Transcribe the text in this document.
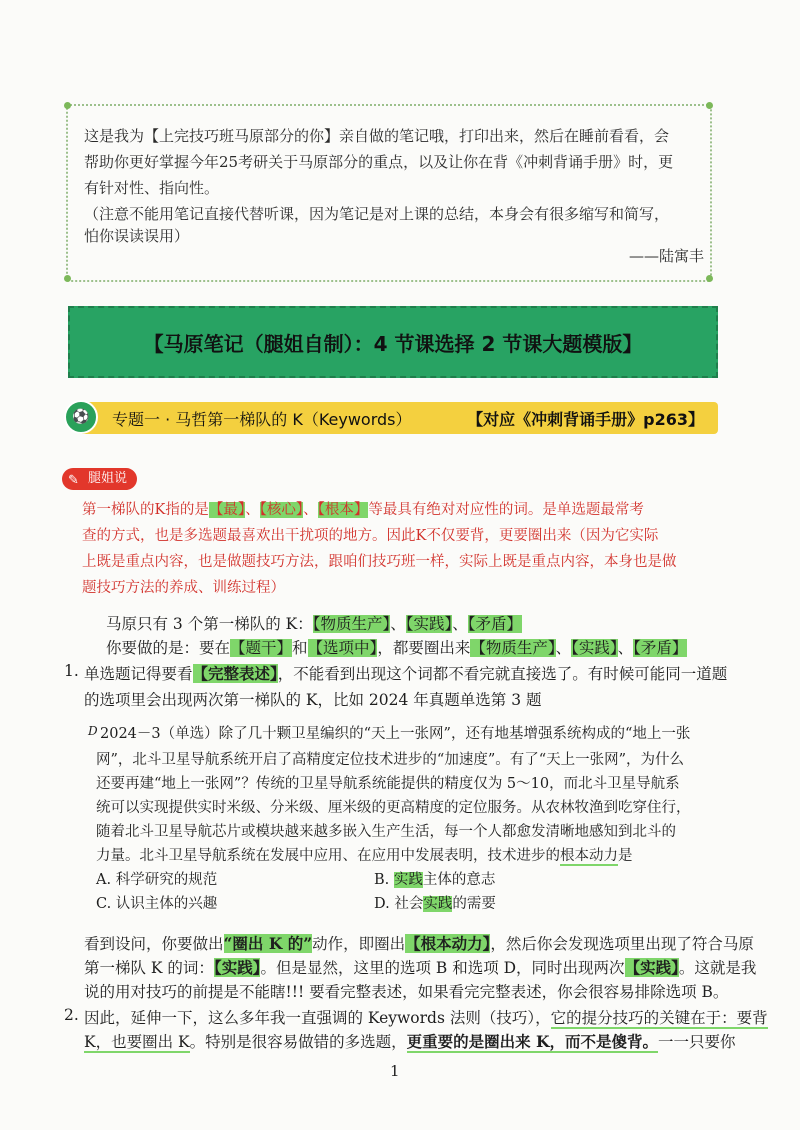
这是我为【上完技巧班马原部分的你】亲自做的笔记哦，打印出来，然后在睡前看看，会
帮助你更好掌握今年25考研关于马原部分的重点，以及让你在背《冲刺背诵手册》时，更
有针对性、指向性。
（注意不能用笔记直接代替听课，因为笔记是对上课的总结，本身会有很多缩写和简写，
怕你误读误用）
——陆寓丰
【马原笔记（腿姐自制）：4 节课选择 2 节课大题模版】
⚽	专题一 · 马哲第一梯队的 K（Keywords）	【对应《冲刺背诵手册》p263】
✎ 腿姐说
第一梯队的K指的是【最】、【核心】、【根本】等最具有绝对对应性的词。是单选题最常考
查的方式，也是多选题最喜欢出干扰项的地方。因此K不仅要背，更要圈出来（因为它实际
上既是重点内容，也是做题技巧方法，跟咱们技巧班一样，实际上既是重点内容，本身也是做
题技巧方法的养成、训练过程）
马原只有 3 个第一梯队的 K：【物质生产】、【实践】、【矛盾】
你要做的是：要在【题干】和【选项中】，都要圈出来【物质生产】、【实践】、【矛盾】
1. 单选题记得要看【完整表述】，不能看到出现这个词都不看完就直接选了。有时候可能同一道题
的选项里会出现两次第一梯队的 K，比如 2024 年真题单选第 3 题
D 2024－3（单选）除了几十颗卫星编织的“天上一张网”，还有地基增强系统构成的“地上一张
网”，北斗卫星导航系统开启了高精度定位技术进步的“加速度”。有了“天上一张网”，为什么
还要再建“地上一张网”？传统的卫星导航系统能提供的精度仅为 5～10，而北斗卫星导航系
统可以实现提供实时米级、分米级、厘米级的更高精度的定位服务。从农林牧渔到吃穿住行，
随着北斗卫星导航芯片或模块越来越多嵌入生产生活，每一个人都愈发清晰地感知到北斗的
力量。北斗卫星导航系统在发展中应用、在应用中发展表明，技术进步的根本动力是
A. 科学研究的规范	B. 实践主体的意志
C. 认识主体的兴趣	D. 社会实践的需要
看到设问，你要做出“圈出 K 的”动作，即圈出【根本动力】，然后你会发现选项里出现了符合马原
第一梯队 K 的词：【实践】。但是显然，这里的选项 B 和选项 D，同时出现两次【实践】。这就是我
说的用对技巧的前提是不能瞎!!! 要看完整表述，如果看完完整表述，你会很容易排除选项 B。
2. 因此，延伸一下，这么多年我一直强调的 Keywords 法则（技巧），它的提分技巧的关键在于：要背
K，也要圈出 K。特别是很容易做错的多选题，更重要的是圈出来 K，而不是傻背。一一只要你
1
